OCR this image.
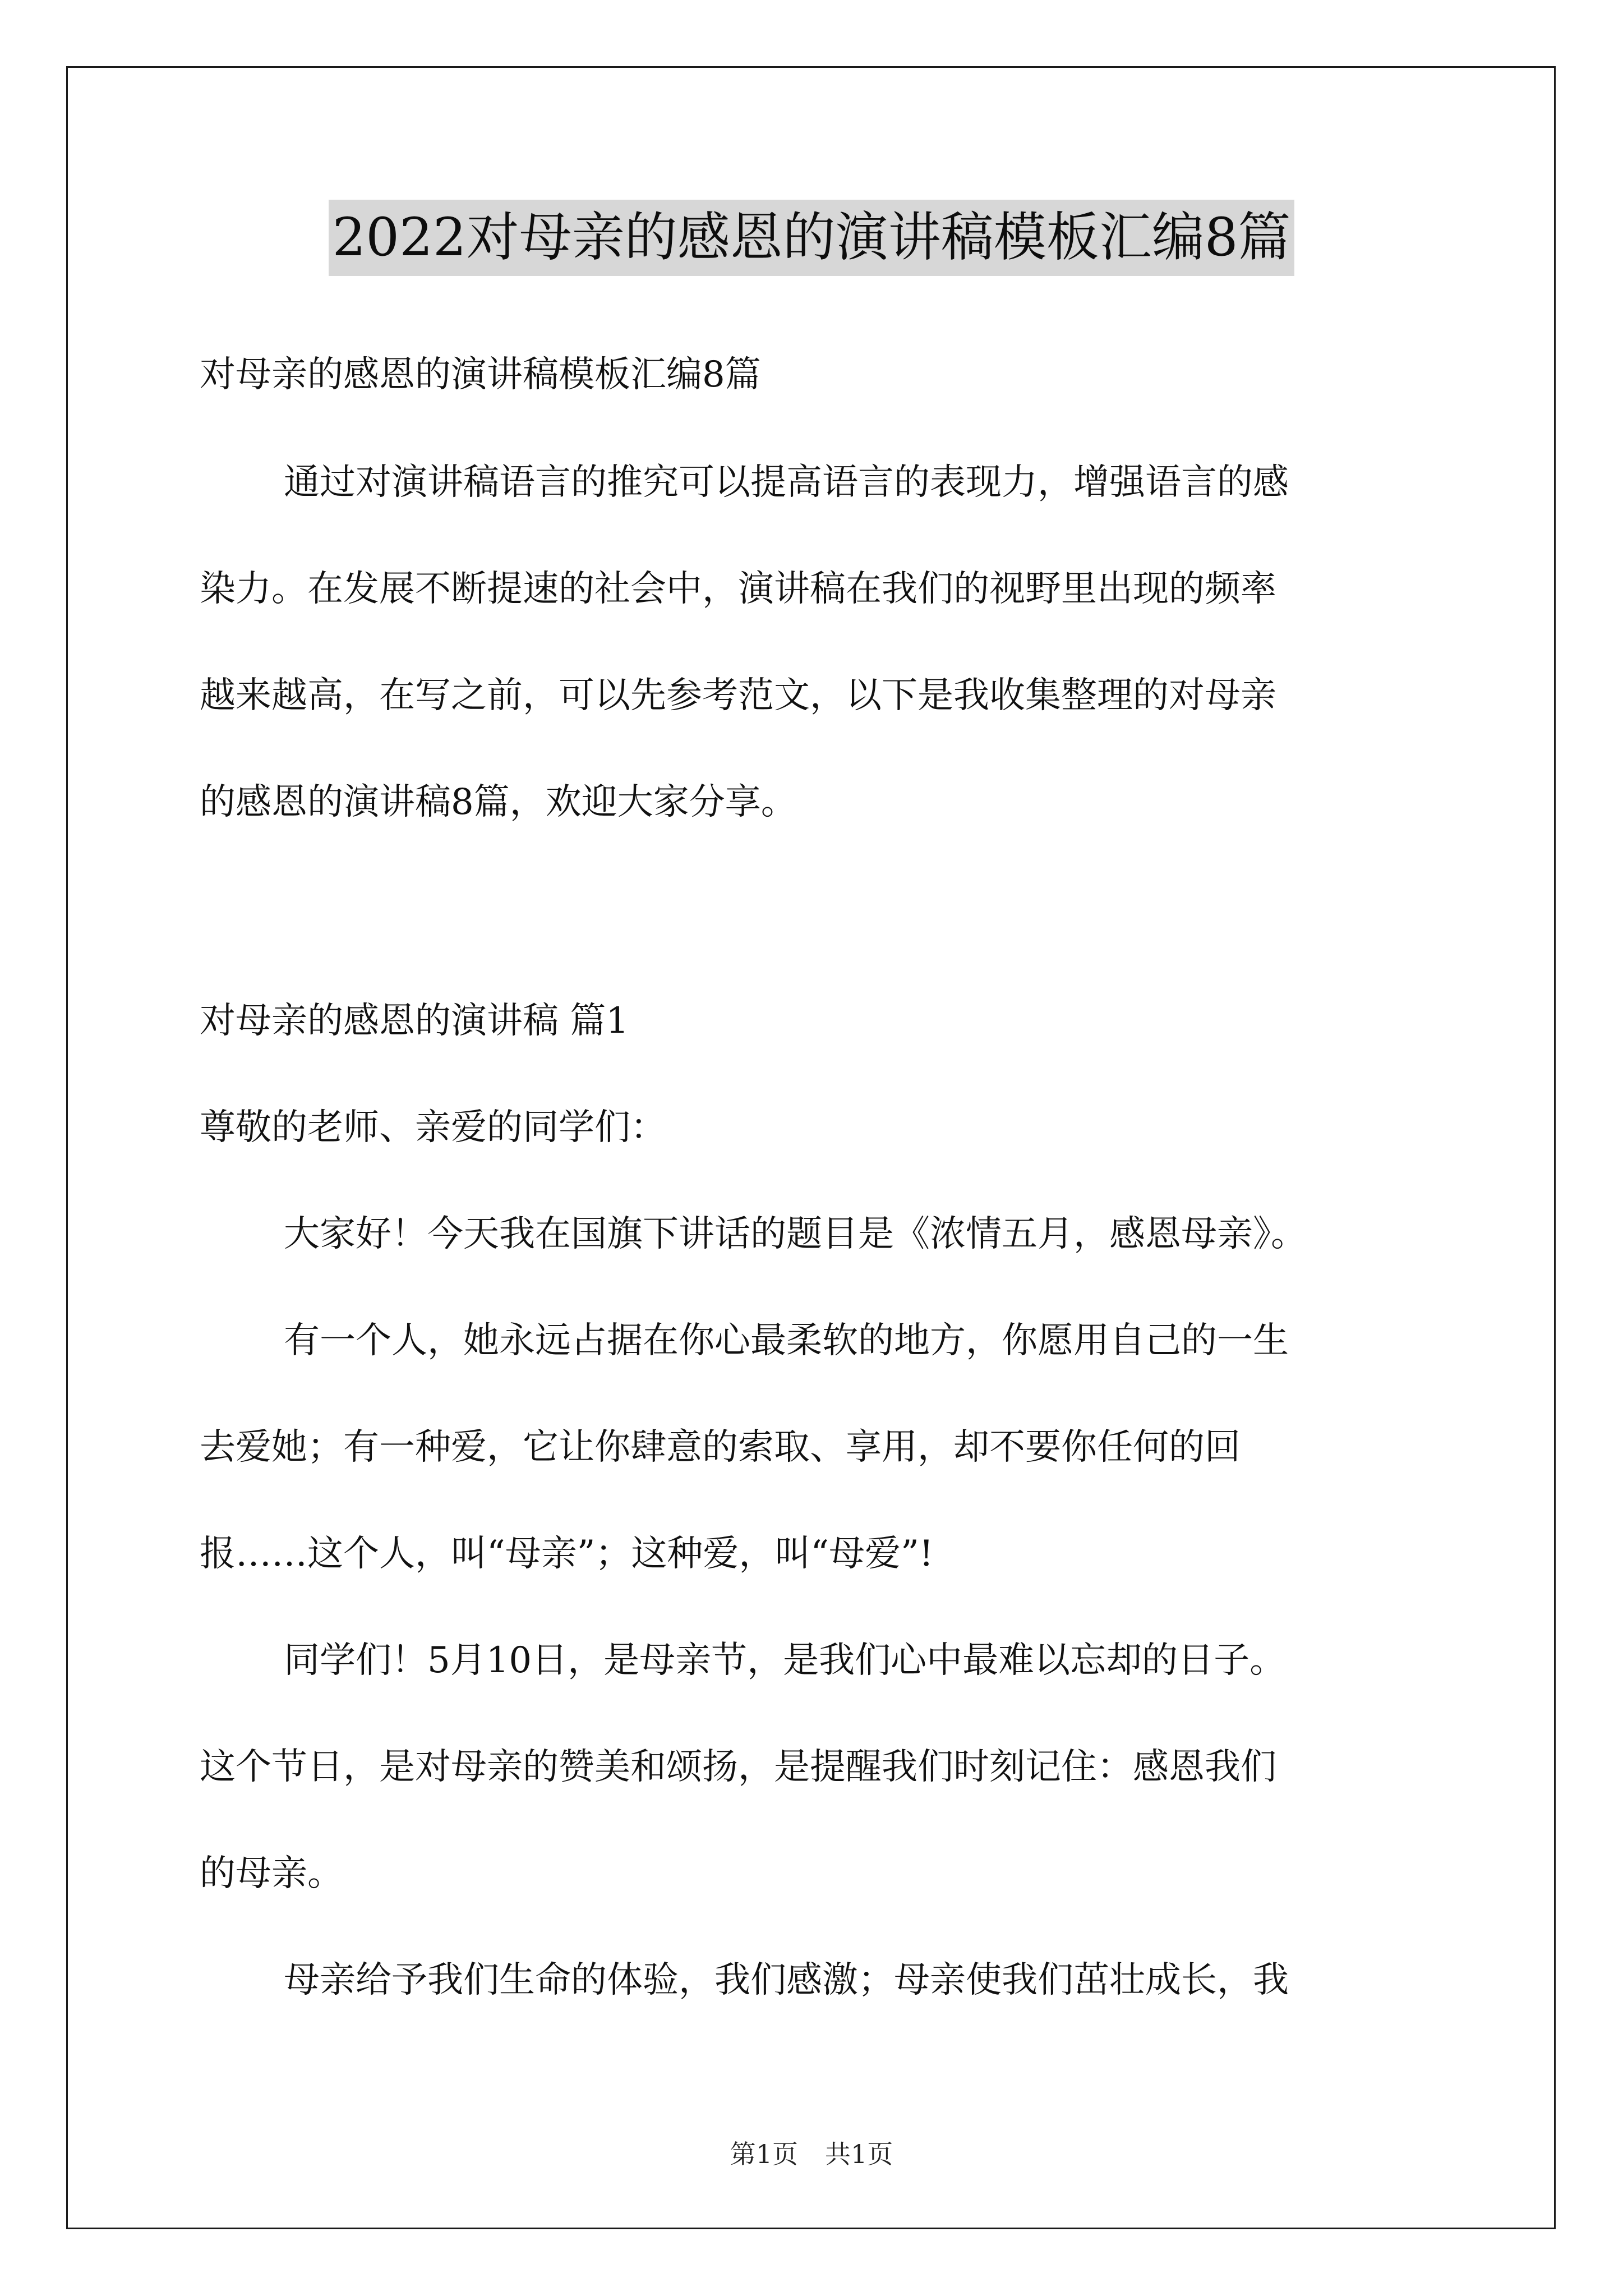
2022对母亲的感恩的演讲稿模板汇编8篇
对母亲的感恩的演讲稿模板汇编8篇
通过对演讲稿语言的推究可以提高语言的表现力，增强语言的感
染力。在发展不断提速的社会中，演讲稿在我们的视野里出现的频率
越来越高，在写之前，可以先参考范文，以下是我收集整理的对母亲
的感恩的演讲稿8篇，欢迎大家分享。
对母亲的感恩的演讲稿 篇1
尊敬的老师、亲爱的同学们：
大家好！今天我在国旗下讲话的题目是《浓情五月，感恩母亲》。
有一个人，她永远占据在你心最柔软的地方，你愿用自己的一生
去爱她；有一种爱，它让你肆意的索取、享用，却不要你任何的回
报……这个人，叫“母亲”；这种爱，叫“母爱”!
同学们！5月10日，是母亲节，是我们心中最难以忘却的日子。
这个节日，是对母亲的赞美和颂扬，是提醒我们时刻记住：感恩我们
的母亲。
母亲给予我们生命的体验，我们感激；母亲使我们茁壮成长，我
第1页 共1页
